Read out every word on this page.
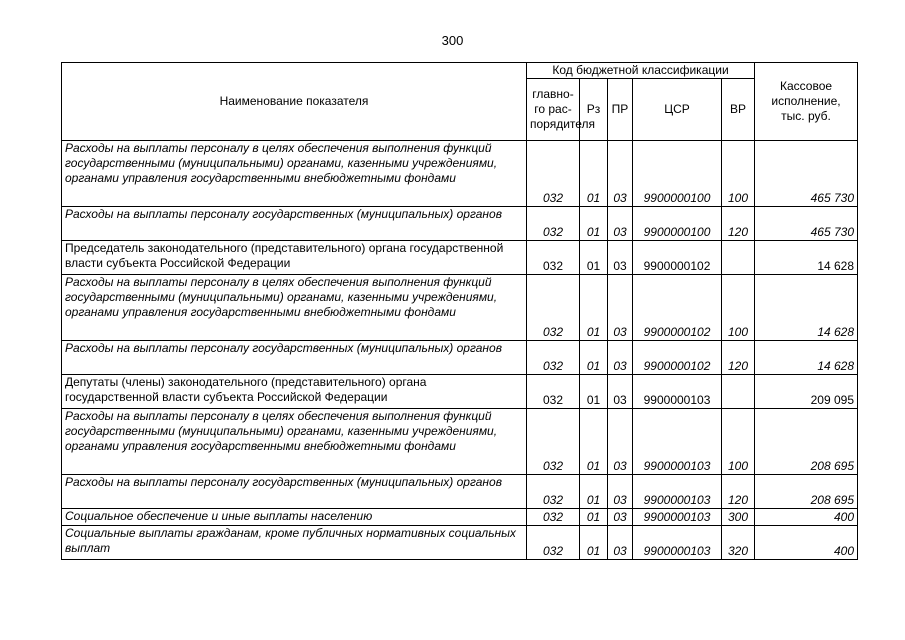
300
Наименование показателя	Код бюджетной классификации					Кассовое исполнение, тыс. руб.
	главно-го рас-порядителя	Рз	ПР	ЦСР	ВР	
Расходы на выплаты персоналу в целях обеспечения выполнения функций государственными (муниципальными) органами, казенными учреждениями, органами управления государственными внебюджетными фондами	032	01	03	9900000100	100	465 730
Расходы на выплаты персоналу государственных (муниципальных) органов	032	01	03	9900000100	120	465 730
Председатель законодательного (представительного) органа государственной власти субъекта Российской Федерации	032	01	03	9900000102		14 628
Расходы на выплаты персоналу в целях обеспечения выполнения функций государственными (муниципальными) органами, казенными учреждениями, органами управления государственными внебюджетными фондами	032	01	03	9900000102	100	14 628
Расходы на выплаты персоналу государственных (муниципальных) органов	032	01	03	9900000102	120	14 628
Депутаты (члены) законодательного (представительного) органа государственной власти субъекта Российской Федерации	032	01	03	9900000103		209 095
Расходы на выплаты персоналу в целях обеспечения выполнения функций государственными (муниципальными) органами, казенными учреждениями, органами управления государственными внебюджетными фондами	032	01	03	9900000103	100	208 695
Расходы на выплаты персоналу государственных (муниципальных) органов	032	01	03	9900000103	120	208 695
Социальное обеспечение и иные выплаты населению	032	01	03	9900000103	300	400
Социальные выплаты гражданам, кроме публичных нормативных социальных выплат	032	01	03	9900000103	320	400
